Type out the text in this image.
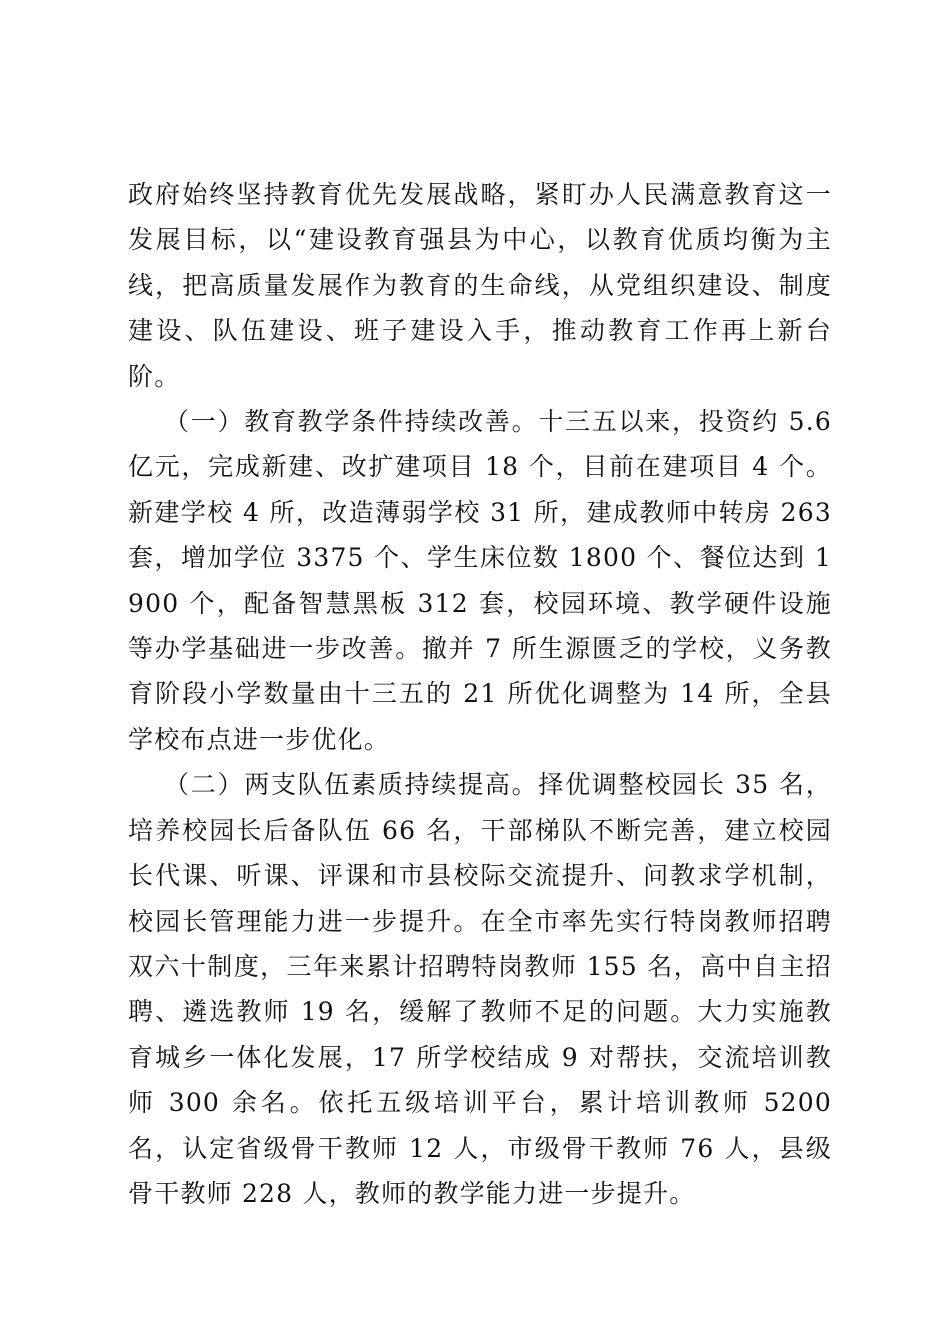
政府始终坚持教育优先发展战略，紧盯办人民满意教育这一发展目标，以“建设教育强县为中心，以教育优质均衡为主线，把高质量发展作为教育的生命线，从党组织建设、制度建设、队伍建设、班子建设入手，推动教育工作再上新台阶。

（一）教育教学条件持续改善。十三五以来，投资约 5.6 亿元，完成新建、改扩建项目 18 个，目前在建项目 4 个。新建学校 4 所，改造薄弱学校 31 所，建成教师中转房 263 套，增加学位 3375 个、学生床位数 1800 个、餐位达到 1900 个，配备智慧黑板 312 套，校园环境、教学硬件设施等办学基础进一步改善。撤并 7 所生源匮乏的学校，义务教育阶段小学数量由十三五的 21 所优化调整为 14 所，全县学校布点进一步优化。

（二）两支队伍素质持续提高。择优调整校园长 35 名，培养校园长后备队伍 66 名，干部梯队不断完善，建立校园长代课、听课、评课和市县校际交流提升、问教求学机制，校园长管理能力进一步提升。在全市率先实行特岗教师招聘双六十制度，三年来累计招聘特岗教师 155 名，高中自主招聘、遴选教师 19 名，缓解了教师不足的问题。大力实施教育城乡一体化发展，17 所学校结成 9 对帮扶，交流培训教师 300 余名。依托五级培训平台，累计培训教师 5200 名，认定省级骨干教师 12 人，市级骨干教师 76 人，县级骨干教师 228 人，教师的教学能力进一步提升。
